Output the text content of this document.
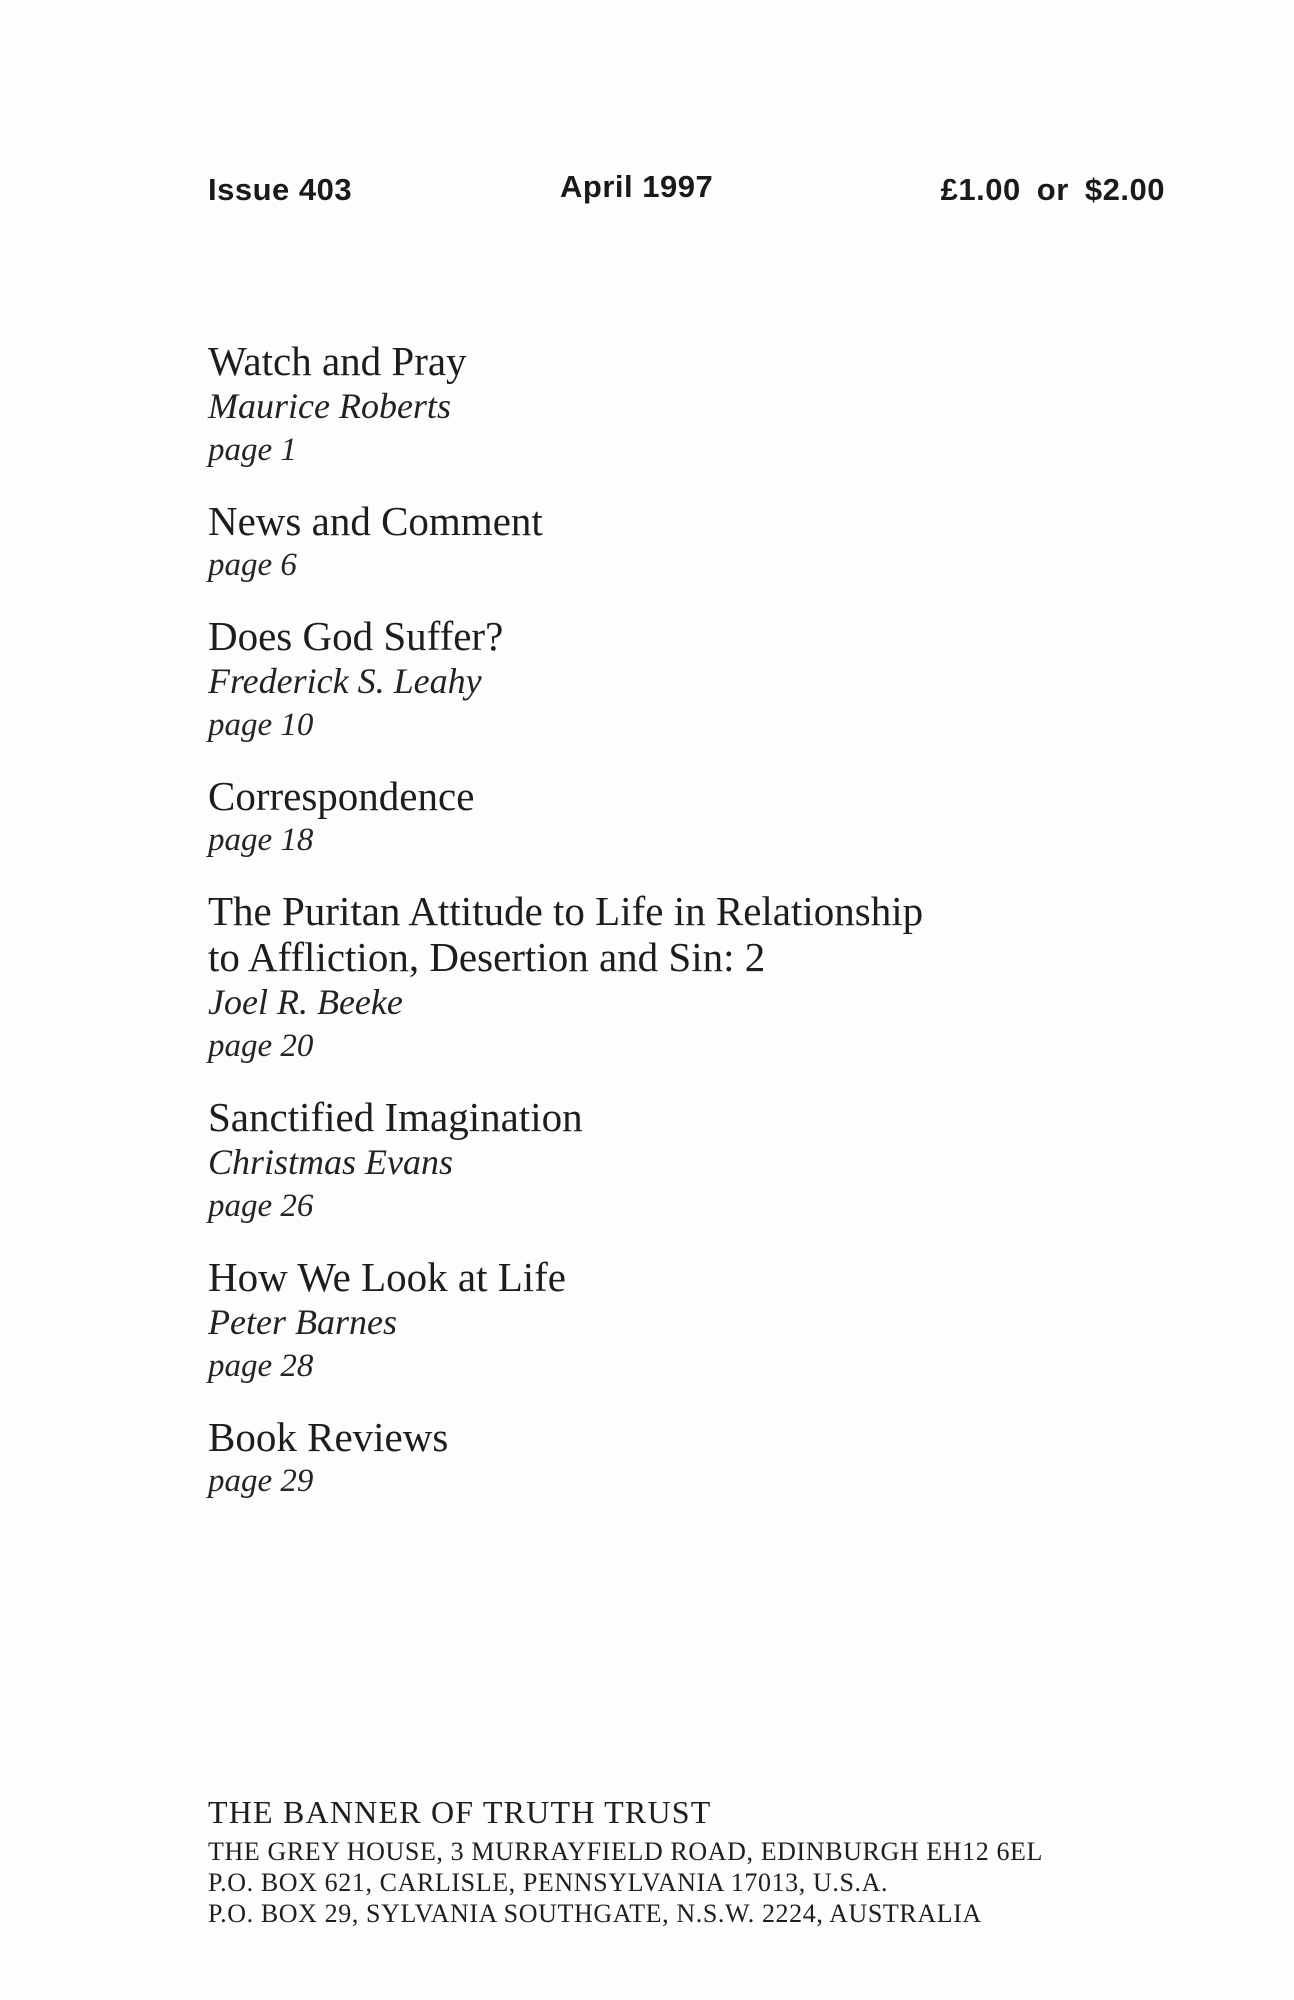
Issue 403	April 1997	£1.00 or $2.00
Watch and Pray
Maurice Roberts
page 1
News and Comment
page 6
Does God Suffer?
Frederick S. Leahy
page 10
Correspondence
page 18
The Puritan Attitude to Life in Relationship
to Affliction, Desertion and Sin: 2
Joel R. Beeke
page 20
Sanctified Imagination
Christmas Evans
page 26
How We Look at Life
Peter Barnes
page 28
Book Reviews
page 29
THE BANNER OF TRUTH TRUST
THE GREY HOUSE, 3 MURRAYFIELD ROAD, EDINBURGH EH12 6EL
P.O. BOX 621, CARLISLE, PENNSYLVANIA 17013, U.S.A.
P.O. BOX 29, SYLVANIA SOUTHGATE, N.S.W. 2224, AUSTRALIA
